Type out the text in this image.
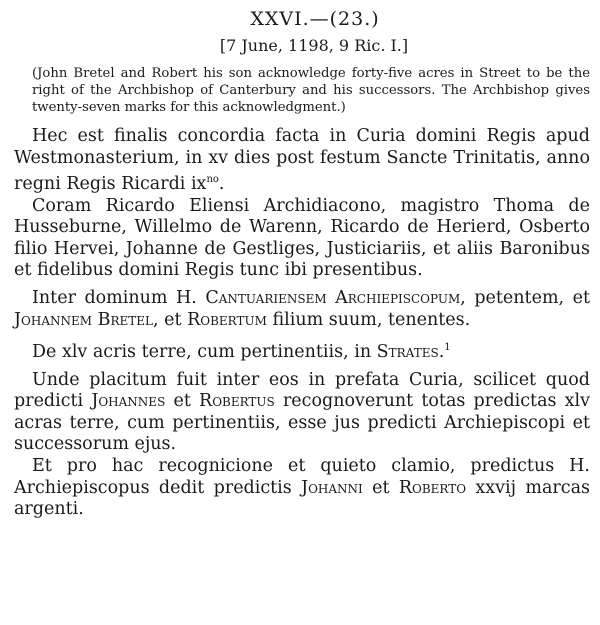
XXVI.—(23.)
[7 June, 1198, 9 Ric. I.]
(John Bretel and Robert his son acknowledge forty-five acres in Street to be the right of the Archbishop of Canterbury and his successors. The Archbishop gives twenty-seven marks for this acknowledgment.)

Hec est finalis concordia facta in Curia domini Regis apud Westmonasterium, in xv dies post festum Sancte Trinitatis, anno regni Regis Ricardi $ix^{no}$.

Coram Ricardo Eliensi Archidiacono, magistro Thoma de Husseburne, Willelmo de Warenn, Ricardo de Herierd, Osberto filio Hervei, Johanne de Gestliges, Justiciariis, et aliis Baronibus et fidelibus domini Regis tunc ibi presentibus.

Inter dominum H. Cantuariensem Archiepiscopum, petentem, et Johannem Bretel, et Robertum filium suum, tenentes.

De xlv acris terre, cum pertinentiis, in Strates.$^1$

Unde placitum fuit inter eos in prefata Curia, scilicet quod predicti Johannes et Robertus recognoverunt totas predictas xlv acras terre, cum pertinentiis, esse jus predicti Archiepiscopi et successorum ejus.

Et pro hac recognicione et quieto clamio, predictus H. Archiepiscopus dedit predictis Johanni et Roberto xxvij marcas argenti.
